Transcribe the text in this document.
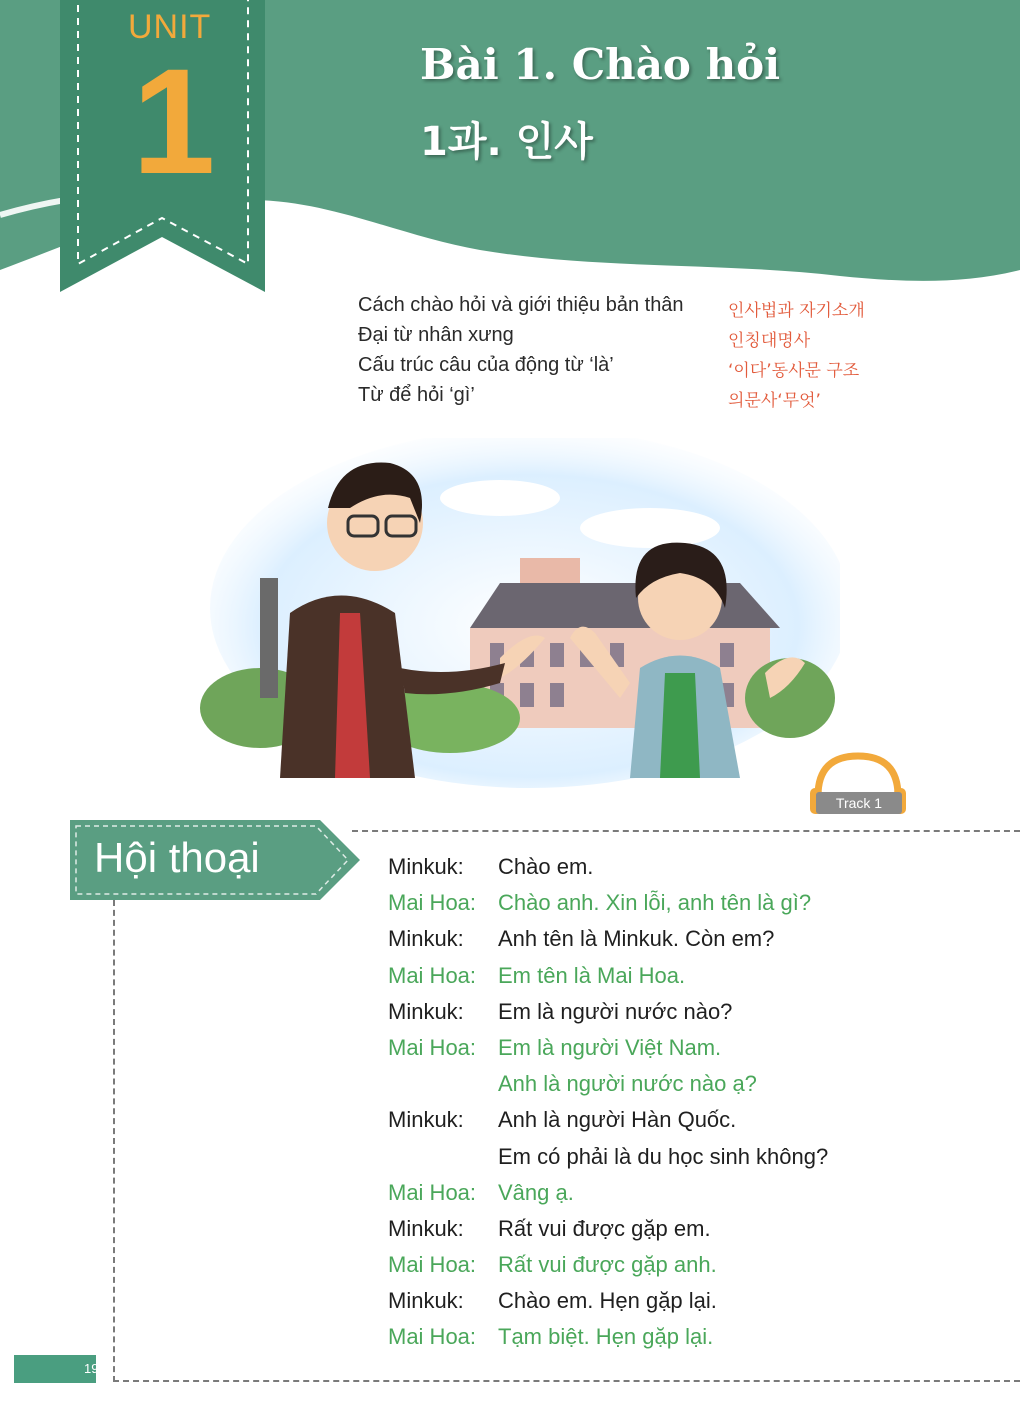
UNIT
1	Bài 1. Chào hỏi
1과. 인사
Cách chào hỏi và giới thiệu bản thân	인사법과 자기소개
Đại từ nhân xưng	인칭대명사
Cấu trúc câu của động từ ‘là’	‘이다’동사문 구조
Từ để hỏi ‘gì’	의문사‘무엇’
Track 1
Hội thoại	Minkuk: Chào em.
Mai Hoa: Chào anh. Xin lỗi, anh tên là gì?
Minkuk: Anh tên là Minkuk. Còn em?
Mai Hoa: Em tên là Mai Hoa.
Minkuk: Em là người nước nào?
Mai Hoa: Em là người Việt Nam.
Anh là người nước nào ạ?
Minkuk: Anh là người Hàn Quốc.
Em có phải là du học sinh không?
Mai Hoa: Vâng ạ.
Minkuk: Rất vui được gặp em.
Mai Hoa: Rất vui được gặp anh.
Minkuk: Chào em. Hẹn gặp lại.
Mai Hoa: Tạm biệt. Hẹn gặp lại.
19
